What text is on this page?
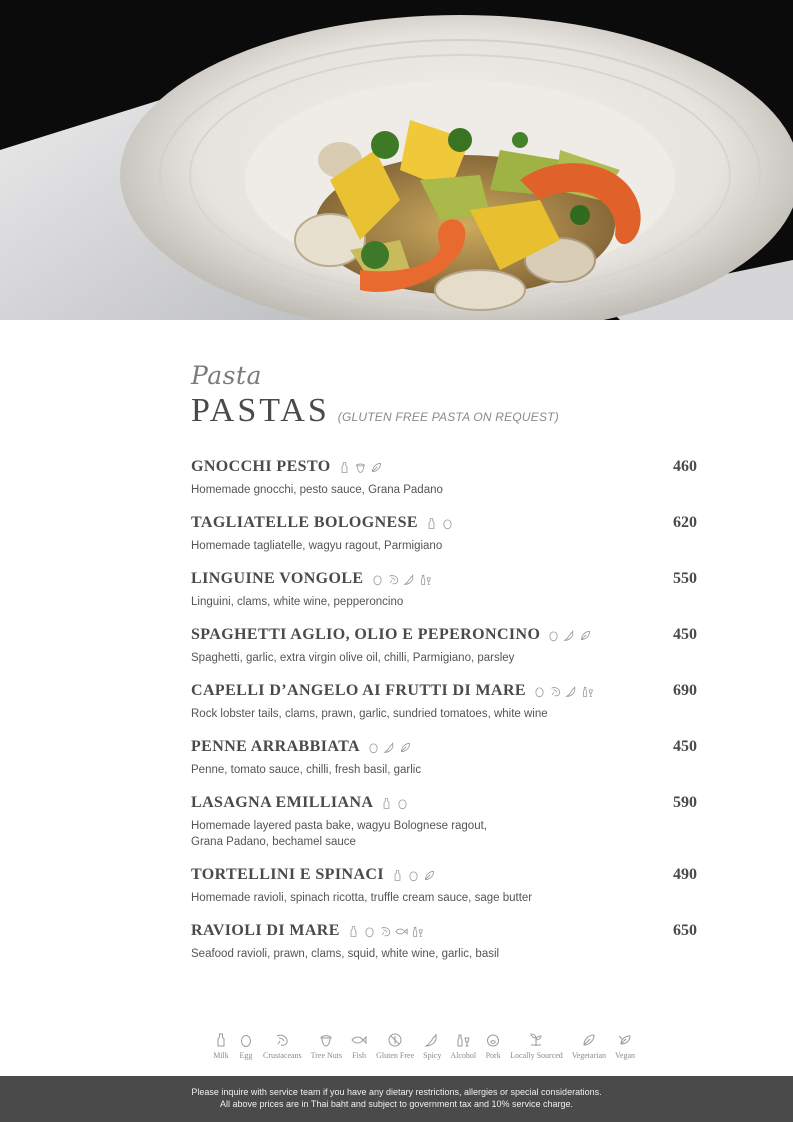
Pasta
PASTAS (GLUTEN FREE PASTA ON REQUEST)
GNOCCHI PESTO	460
Homemade gnocchi, pesto sauce, Grana Padano
TAGLIATELLE BOLOGNESE	620
Homemade tagliatelle, wagyu ragout, Parmigiano
LINGUINE VONGOLE	550
Linguini, clams, white wine, pepperoncino
SPAGHETTI AGLIO, OLIO E PEPERONCINO	450
Spaghetti, garlic, extra virgin olive oil, chilli, Parmigiano, parsley
CAPELLI D’ANGELO AI FRUTTI DI MARE	690
Rock lobster tails, clams, prawn, garlic, sundried tomatoes, white wine
PENNE ARRABBIATA	450
Penne, tomato sauce, chilli, fresh basil, garlic
LASAGNA EMILLIANA	590
Homemade layered pasta bake, wagyu Bolognese ragout,
Grana Padano, bechamel sauce
TORTELLINI E SPINACI	490
Homemade ravioli, spinach ricotta, truffle cream sauce, sage butter
RAVIOLI DI MARE	650
Seafood ravioli, prawn, clams, squid, white wine, garlic, basil
Milk Egg Crustaceans Tree Nuts Fish Gluten Free Spicy Alcohol Pork Locally Sourced Vegetarian Vegan
Please inquire with service team if you have any dietary restrictions, allergies or special considerations.
All above prices are in Thai baht and subject to government tax and 10% service charge.
